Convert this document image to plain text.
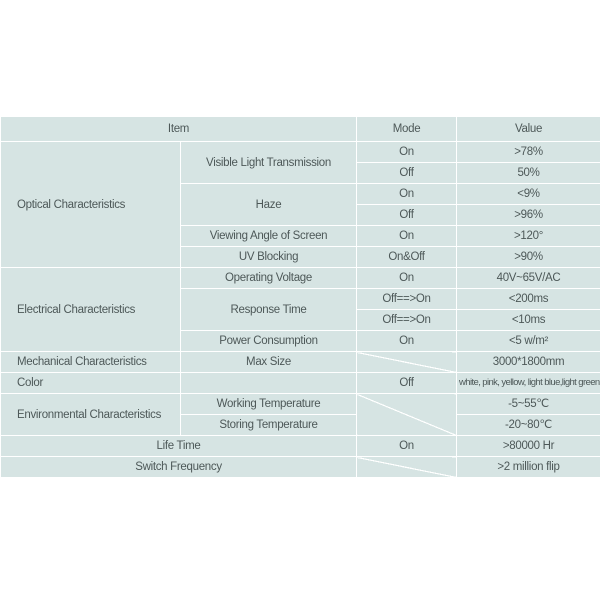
Item		Mode	Value
Optical Characteristics	Visible Light Transmission	On	>78%
		Off	50%
	Haze	On	<9%
		Off	>96%
	Viewing Angle of Screen	On	>120°
	UV Blocking	On&Off	>90%
Electrical Characteristics	Operating Voltage	On	40V~65V/AC
	Response Time	Off==>On	<200ms
		Off==>On	<10ms
	Power Consumption	On	<5 w/m²
Mechanical Characteristics	Max Size		3000*1800mm
Color		Off	white, pink, yellow, light blue,light green
Environmental Characteristics	Working Temperature		-5~55℃
	Storing Temperature		-20~80℃
Life Time		On	>80000 Hr
Switch Frequency			>2 million flip
